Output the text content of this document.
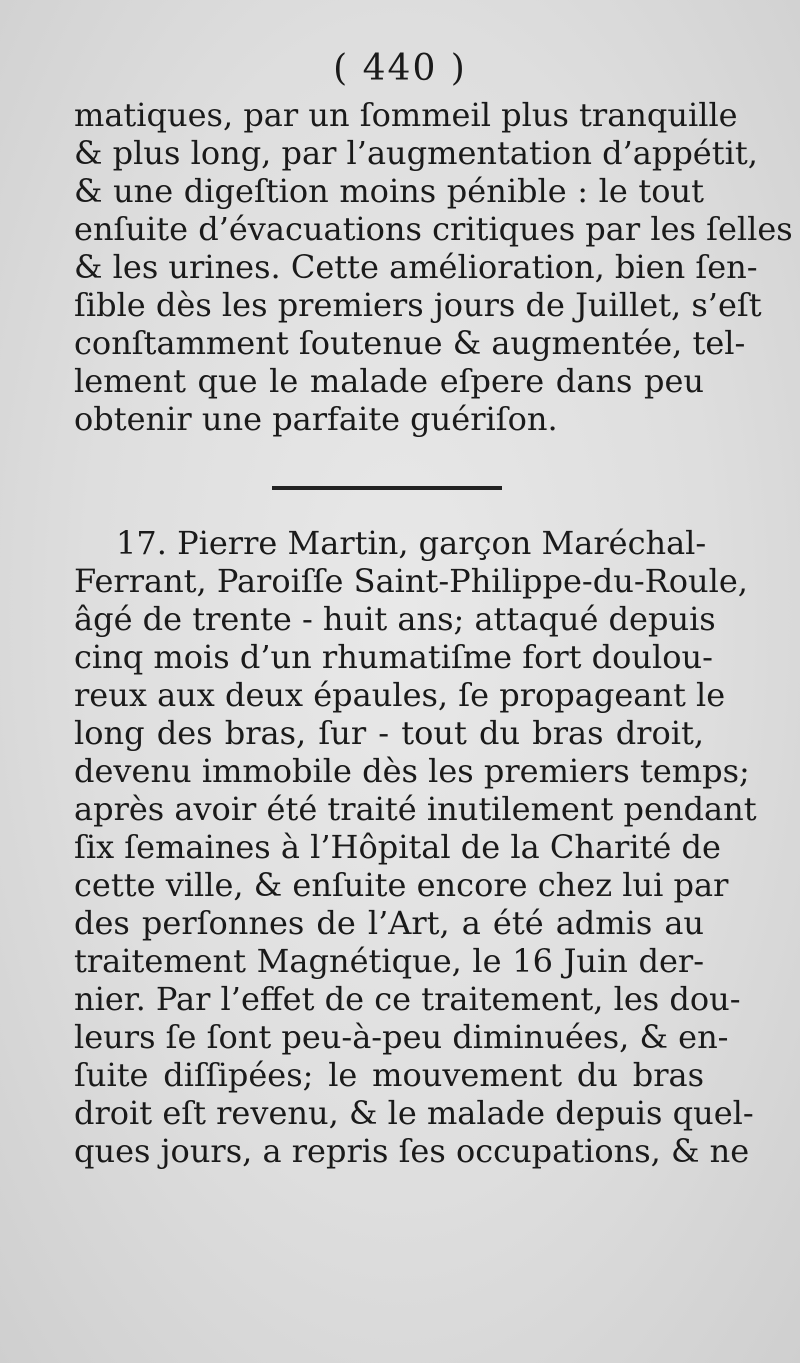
( 440 )
matiques, par un ſommeil plus tranquille
& plus long, par l’augmentation d’appétit,
& une digeſtion moins pénible : le tout
enſuite d’évacuations critiques par les ſelles
& les urines. Cette amélioration, bien ſen-
ſible dès les premiers jours de Juillet, s’eſt
conſtamment ſoutenue & augmentée, tel-
lement que le malade eſpere dans peu
obtenir une parfaite guériſon.
17. Pierre Martin, garçon Maréchal-
Ferrant, Paroiſſe Saint-Philippe-du-Roule,
âgé de trente - huit ans; attaqué depuis
cinq mois d’un rhumatiſme fort doulou-
reux aux deux épaules, ſe propageant le
long des bras, ſur - tout du bras droit,
devenu immobile dès les premiers temps;
après avoir été traité inutilement pendant
ſix ſemaines à l’Hôpital de la Charité de
cette ville, & enſuite encore chez lui par
des perſonnes de l’Art, a été admis au
traitement Magnétique, le 16 Juin der-
nier. Par l’effet de ce traitement, les dou-
leurs ſe ſont peu-à-peu diminuées, & en-
ſuite diſſipées; le mouvement du bras
droit eſt revenu, & le malade depuis quel-
ques jours, a repris ſes occupations, & ne
